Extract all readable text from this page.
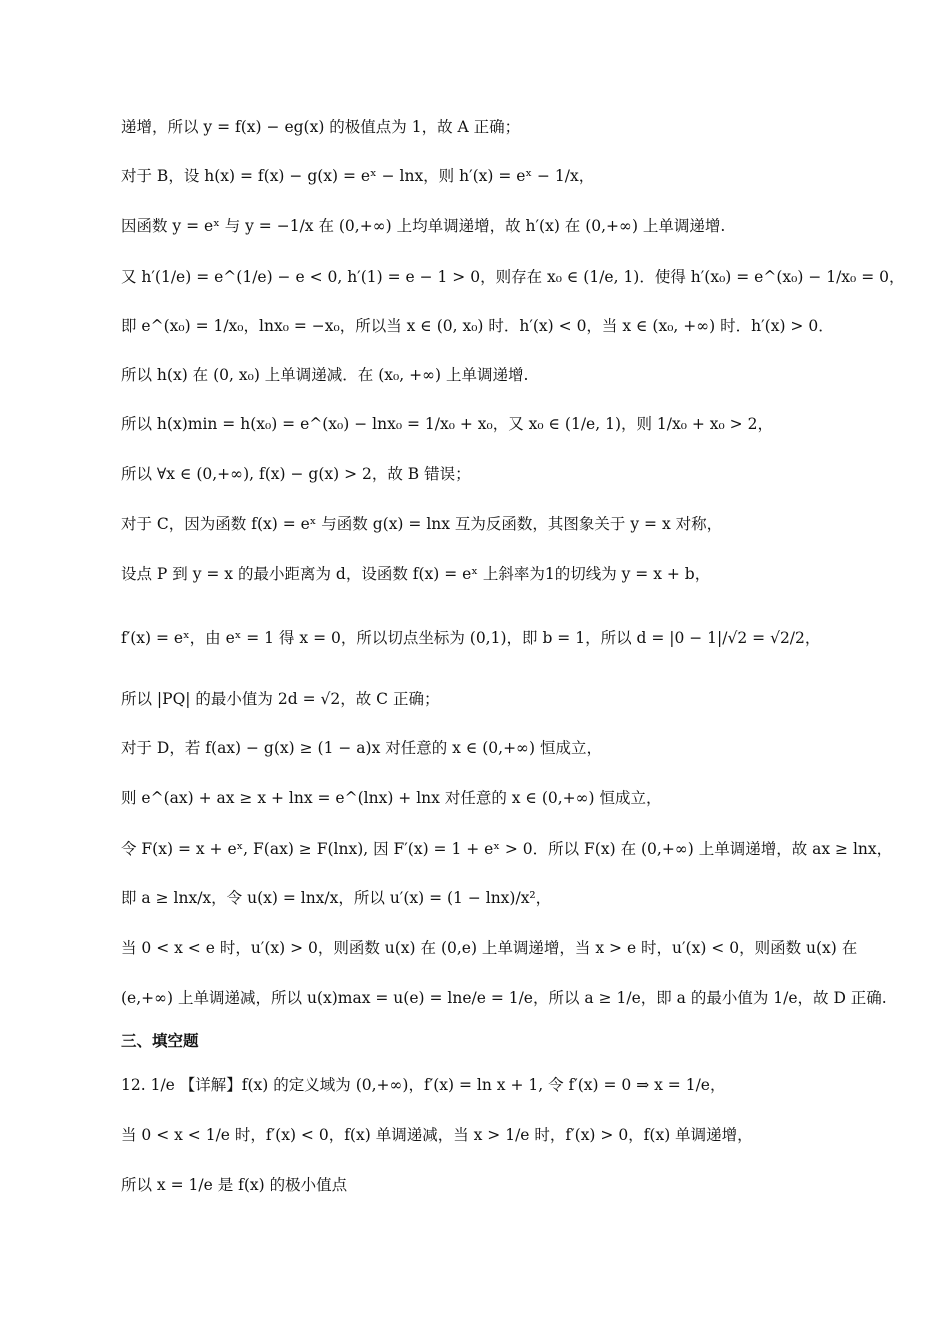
递增，所以 y = f(x) − eg(x) 的极值点为 1，故 A 正确；
对于 B，设 h(x) = f(x) − g(x) = eˣ − lnx，则 h′(x) = eˣ − 1/x，
因函数 y = eˣ 与 y = −1/x 在 (0,+∞) 上均单调递增，故 h′(x) 在 (0,+∞) 上单调递增.
又 h′(1/e) = e^(1/e) − e < 0, h′(1) = e − 1 > 0，则存在 x₀ ∈ (1/e, 1)．使得 h′(x₀) = e^(x₀) − 1/x₀ = 0，
即 e^(x₀) = 1/x₀，lnx₀ = −x₀，所以当 x ∈ (0, x₀) 时．h′(x) < 0，当 x ∈ (x₀, +∞) 时．h′(x) > 0．
所以 h(x) 在 (0, x₀) 上单调递减．在 (x₀, +∞) 上单调递增.
所以 h(x)min = h(x₀) = e^(x₀) − lnx₀ = 1/x₀ + x₀，又 x₀ ∈ (1/e, 1)，则 1/x₀ + x₀ > 2，
所以 ∀x ∈ (0,+∞), f(x) − g(x) > 2，故 B 错误；
对于 C，因为函数 f(x) = eˣ 与函数 g(x) = lnx 互为反函数，其图象关于 y = x 对称，
设点 P 到 y = x 的最小距离为 d，设函数 f(x) = eˣ 上斜率为1的切线为 y = x + b，
f′(x) = eˣ，由 eˣ = 1 得 x = 0，所以切点坐标为 (0,1)，即 b = 1，所以 d = |0 − 1|/√2 = √2/2，
所以 |PQ| 的最小值为 2d = √2，故 C 正确；
对于 D，若 f(ax) − g(x) ≥ (1 − a)x 对任意的 x ∈ (0,+∞) 恒成立，
则 e^(ax) + ax ≥ x + lnx = e^(lnx) + lnx 对任意的 x ∈ (0,+∞) 恒成立，
令 F(x) = x + eˣ, F(ax) ≥ F(lnx), 因 F′(x) = 1 + eˣ > 0．所以 F(x) 在 (0,+∞) 上单调递增，故 ax ≥ lnx，
即 a ≥ lnx/x，令 u(x) = lnx/x，所以 u′(x) = (1 − lnx)/x²，
当 0 < x < e 时，u′(x) > 0，则函数 u(x) 在 (0,e) 上单调递增，当 x > e 时，u′(x) < 0，则函数 u(x) 在
(e,+∞) 上单调递减，所以 u(x)max = u(e) = lne/e = 1/e，所以 a ≥ 1/e，即 a 的最小值为 1/e，故 D 正确.
三、填空题
12. 1/e 【详解】f(x) 的定义域为 (0,+∞)，f′(x) = ln x + 1, 令 f′(x) = 0 ⇒ x = 1/e，
当 0 < x < 1/e 时，f′(x) < 0，f(x) 单调递减，当 x > 1/e 时，f′(x) > 0，f(x) 单调递增，
所以 x = 1/e 是 f(x) 的极小值点
